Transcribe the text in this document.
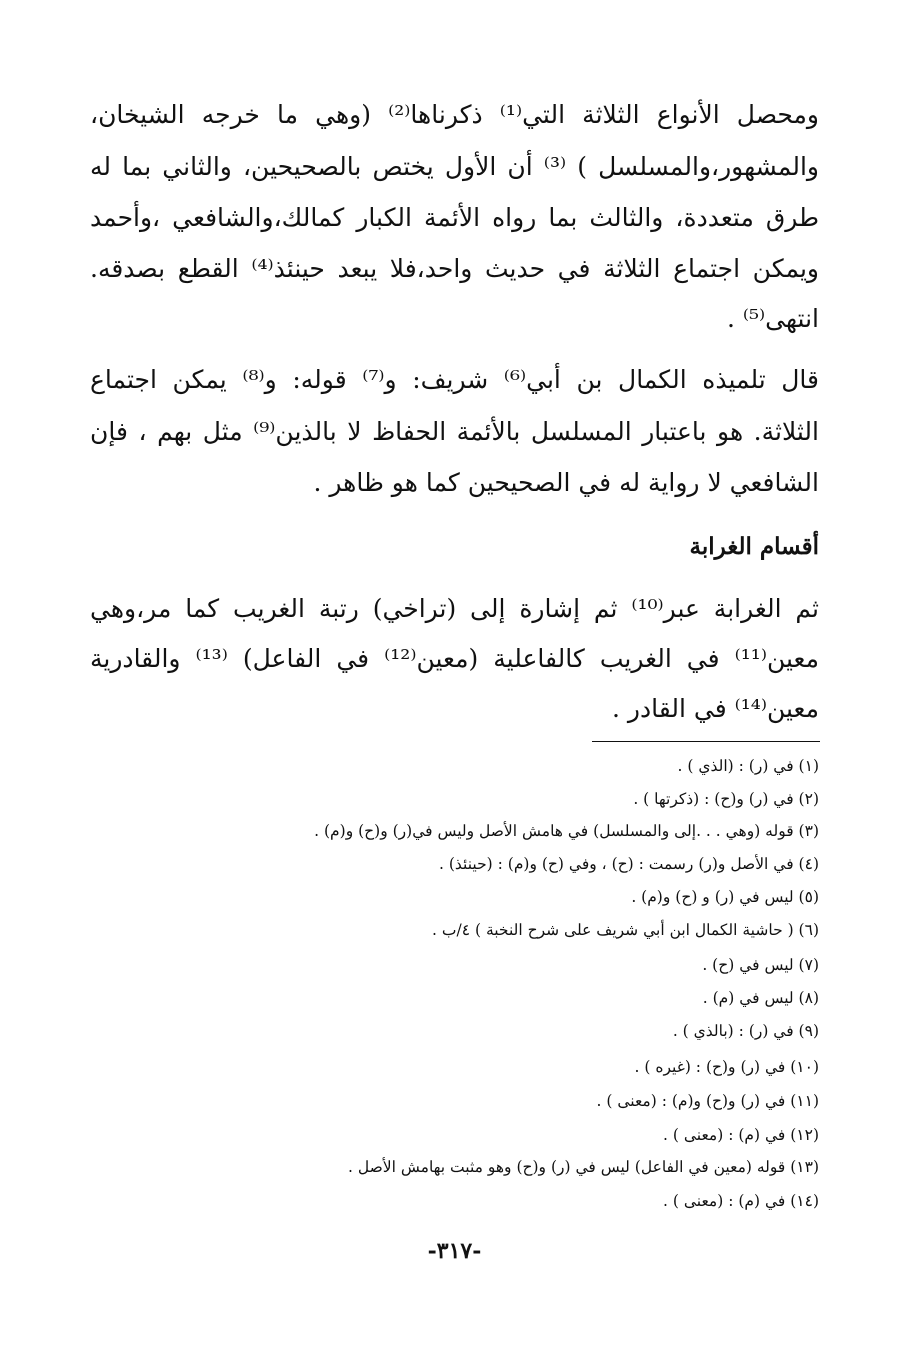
ومحصل الأنواع الثلاثة التي⁽¹⁾ ذكرناها⁽²⁾ (وهي ما خرجه الشيخان،
والمشهور،والمسلسل ) ⁽³⁾ أن الأول يختص بالصحيحين، والثاني بما له
طرق متعددة، والثالث بما رواه الأئمة الكبار كمالك،والشافعي ،وأحمد
ويمكن اجتماع الثلاثة في حديث واحد،فلا يبعد حينئذ⁽⁴⁾ القطع بصدقه.
انتهى⁽⁵⁾ .
قال تلميذه الكمال بن أبي⁽⁶⁾ شريف: و⁽⁷⁾ قوله: و⁽⁸⁾ يمكن اجتماع
الثلاثة. هو باعتبار المسلسل بالأئمة الحفاظ لا بالذين⁽⁹⁾ مثل بهم ، فإن
الشافعي لا رواية له في الصحيحين كما هو ظاهر .
أقسام الغرابة
ثم الغرابة عبر⁽¹⁰⁾ ثم إشارة إلى (تراخي) رتبة الغريب كما مر،وهي
معين⁽¹¹⁾ في الغريب كالفاعلية (معين⁽¹²⁾ في الفاعل) ⁽¹³⁾ والقادرية
معين⁽¹⁴⁾ في القادر .
(١) في (ر) : (الذي ) .
(٢) في (ر) و(ح) : (ذكرتها ) .
(٣) قوله (وهي . . .إلى والمسلسل) في هامش الأصل وليس في(ر) و(ح) و(م) .
(٤) في الأصل و(ر) رسمت : (ح) ، وفي (ح) و(م) : (حينئذ) .
(٥) ليس في (ر) و (ح) و(م) .
(٦) ( حاشية الكمال ابن أبي شريف على شرح النخبة ) ٤/ب .
(٧) ليس في (ح) .
(٨) ليس في (م) .
(٩) في (ر) : (بالذي ) .
(١٠) في (ر) و(ح) : (غيره ) .
(١١) في (ر) و(ح) و(م) : (معنى ) .
(١٢) في (م) : (معنى ) .
(١٣) قوله (معين في الفاعل) ليس في (ر) و(ح) وهو مثبت بهامش الأصل .
(١٤) في (م) : (معنى ) .
-٣١٧-
